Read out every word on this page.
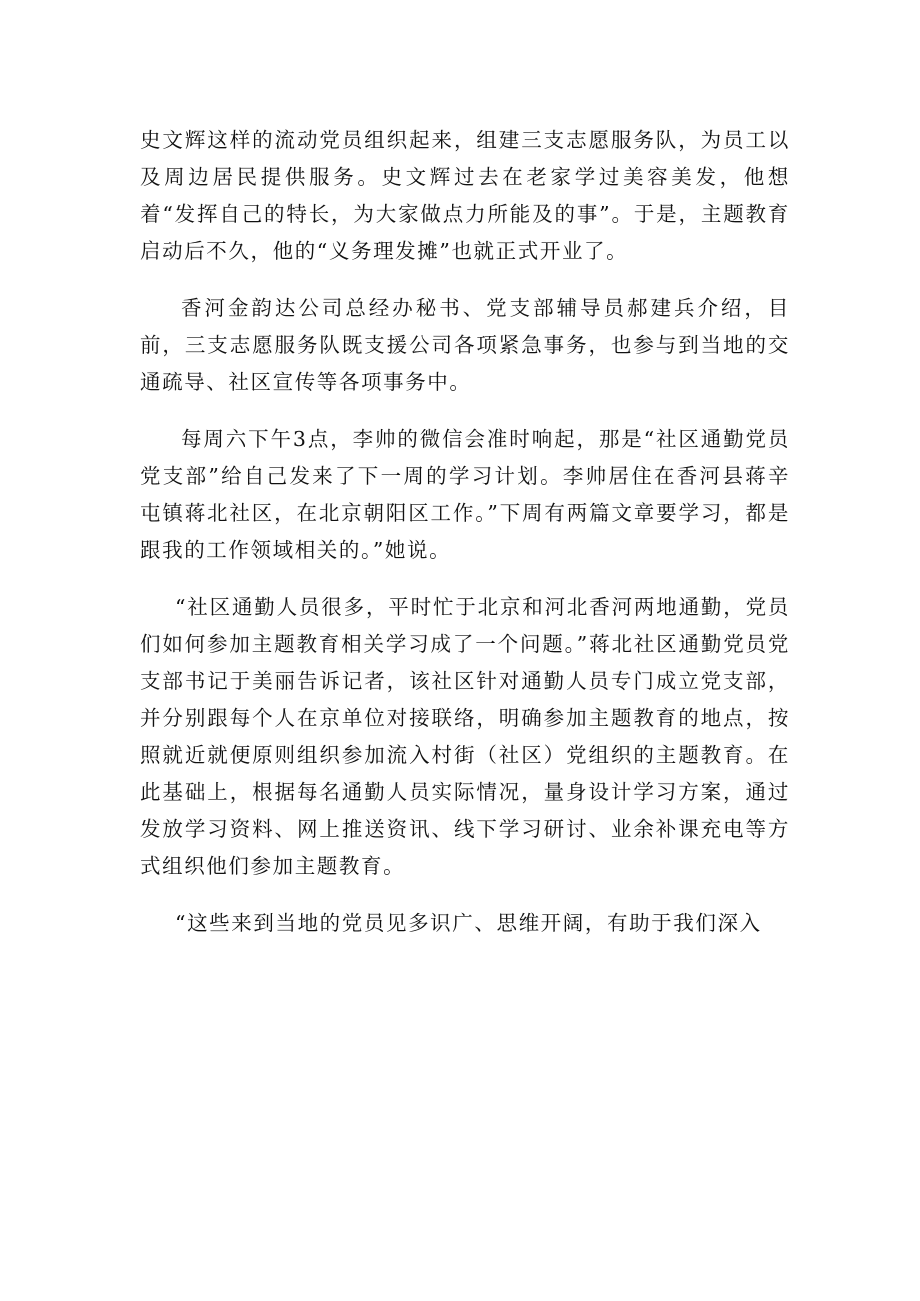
史文辉这样的流动党员组织起来，组建三支志愿服务队，为员工以及周边居民提供服务。史文辉过去在老家学过美容美发，他想着“发挥自己的特长，为大家做点力所能及的事”。于是，主题教育启动后不久，他的“义务理发摊”也就正式开业了。

香河金韵达公司总经办秘书、党支部辅导员郝建兵介绍，目前，三支志愿服务队既支援公司各项紧急事务，也参与到当地的交通疏导、社区宣传等各项事务中。

每周六下午3点，李帅的微信会准时响起，那是“社区通勤党员党支部”给自己发来了下一周的学习计划。李帅居住在香河县蒋辛屯镇蒋北社区，在北京朝阳区工作。”下周有两篇文章要学习，都是跟我的工作领域相关的。”她说。

“社区通勤人员很多，平时忙于北京和河北香河两地通勤，党员们如何参加主题教育相关学习成了一个问题。”蒋北社区通勤党员党支部书记于美丽告诉记者，该社区针对通勤人员专门成立党支部，并分别跟每个人在京单位对接联络，明确参加主题教育的地点，按照就近就便原则组织参加流入村街（社区）党组织的主题教育。在此基础上，根据每名通勤人员实际情况，量身设计学习方案，通过发放学习资料、网上推送资讯、线下学习研讨、业余补课充电等方式组织他们参加主题教育。

“这些来到当地的党员见多识广、思维开阔，有助于我们深入
